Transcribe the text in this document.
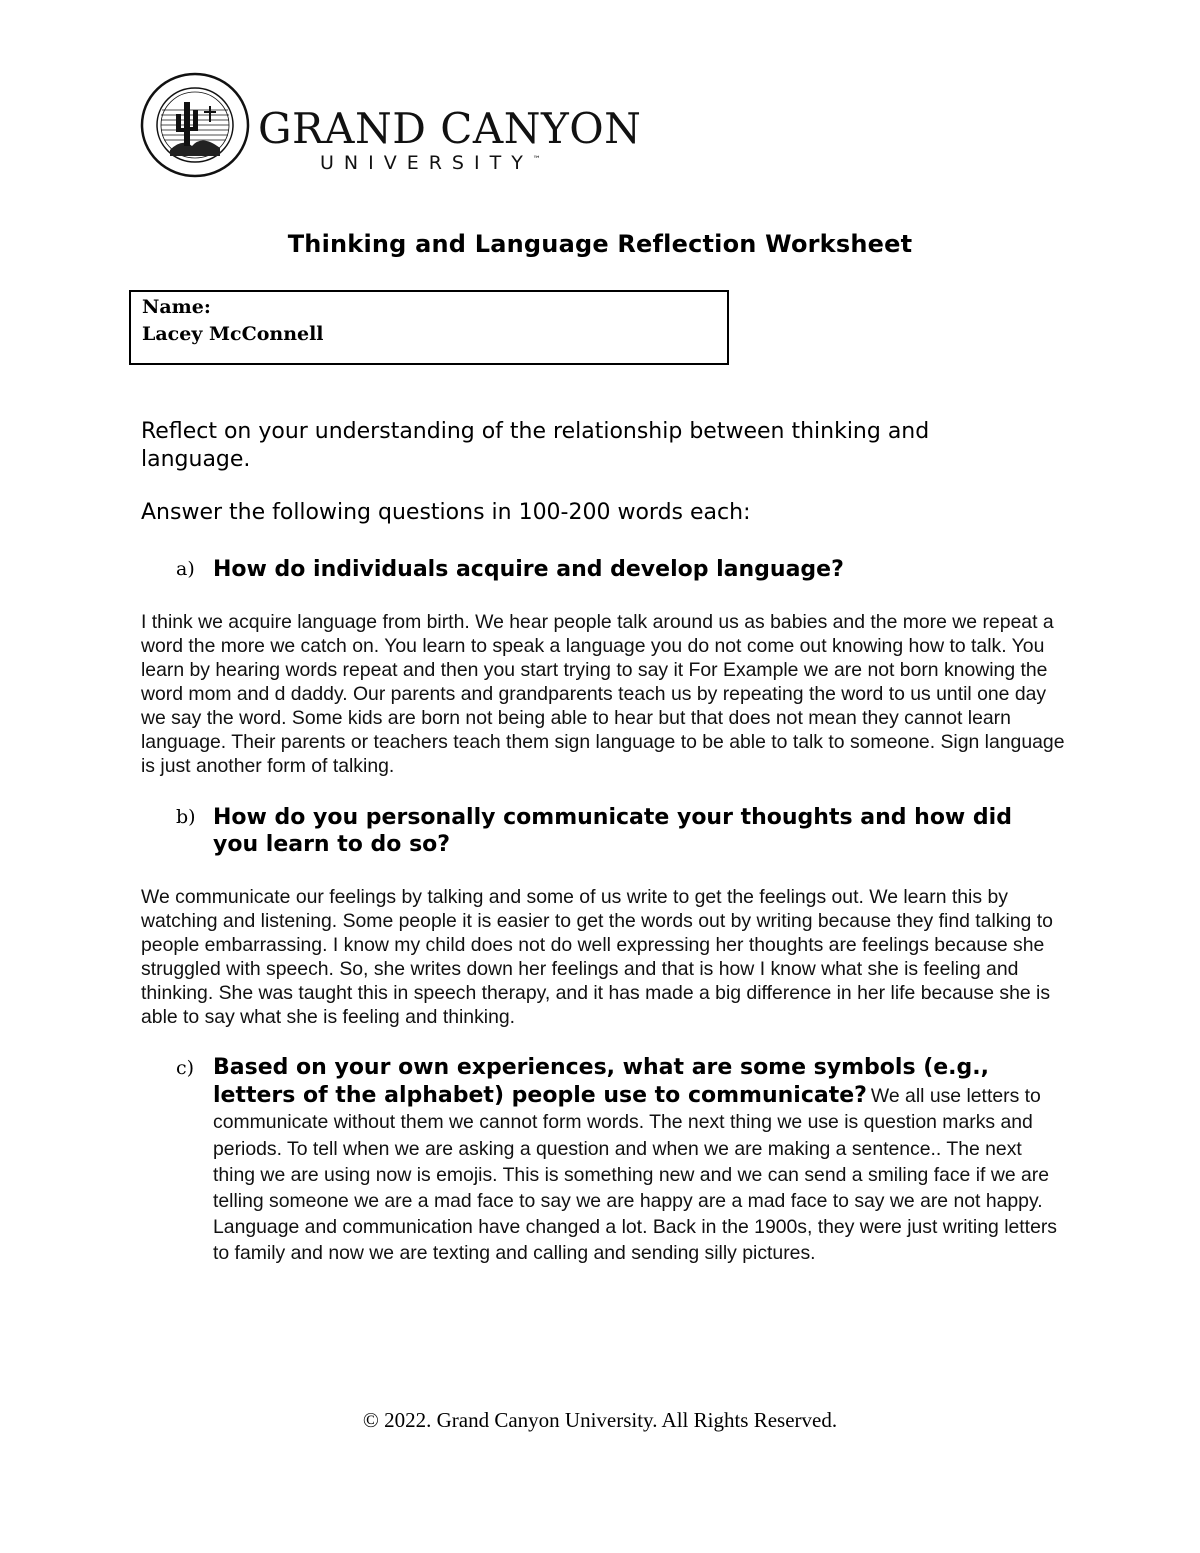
GRAND CANYON
UNIVERSITY™
Thinking and Language Reflection Worksheet
Name:
Lacey McConnell
Reflect on your understanding of the relationship between thinking and language.
Answer the following questions in 100-200 words each:
a) How do individuals acquire and develop language?
I think we acquire language from birth. We hear people talk around us as babies and the more we repeat a word the more we catch on. You learn to speak a language you do not come out knowing how to talk. You learn by hearing words repeat and then you start trying to say it For Example we are not born knowing the word mom and d daddy. Our parents and grandparents teach us by repeating the word to us until one day we say the word. Some kids are born not being able to hear but that does not mean they cannot learn language. Their parents or teachers teach them sign language to be able to talk to someone. Sign language is just another form of talking.
b) How do you personally communicate your thoughts and how did you learn to do so?
We communicate our feelings by talking and some of us write to get the feelings out. We learn this by watching and listening. Some people it is easier to get the words out by writing because they find talking to people embarrassing. I know my child does not do well expressing her thoughts are feelings because she struggled with speech. So, she writes down her feelings and that is how I know what she is feeling and thinking. She was taught this in speech therapy, and it has made a big difference in her life because she is able to say what she is feeling and thinking.
c) Based on your own experiences, what are some symbols (e.g., letters of the alphabet) people use to communicate? We all use letters to communicate without them we cannot form words. The next thing we use is question marks and periods. To tell when we are asking a question and when we are making a sentence.. The next thing we are using now is emojis. This is something new and we can send a smiling face if we are telling someone we are a mad face to say we are happy are a mad face to say we are not happy. Language and communication have changed a lot. Back in the 1900s, they were just writing letters to family and now we are texting and calling and sending silly pictures.
© 2022. Grand Canyon University. All Rights Reserved.
